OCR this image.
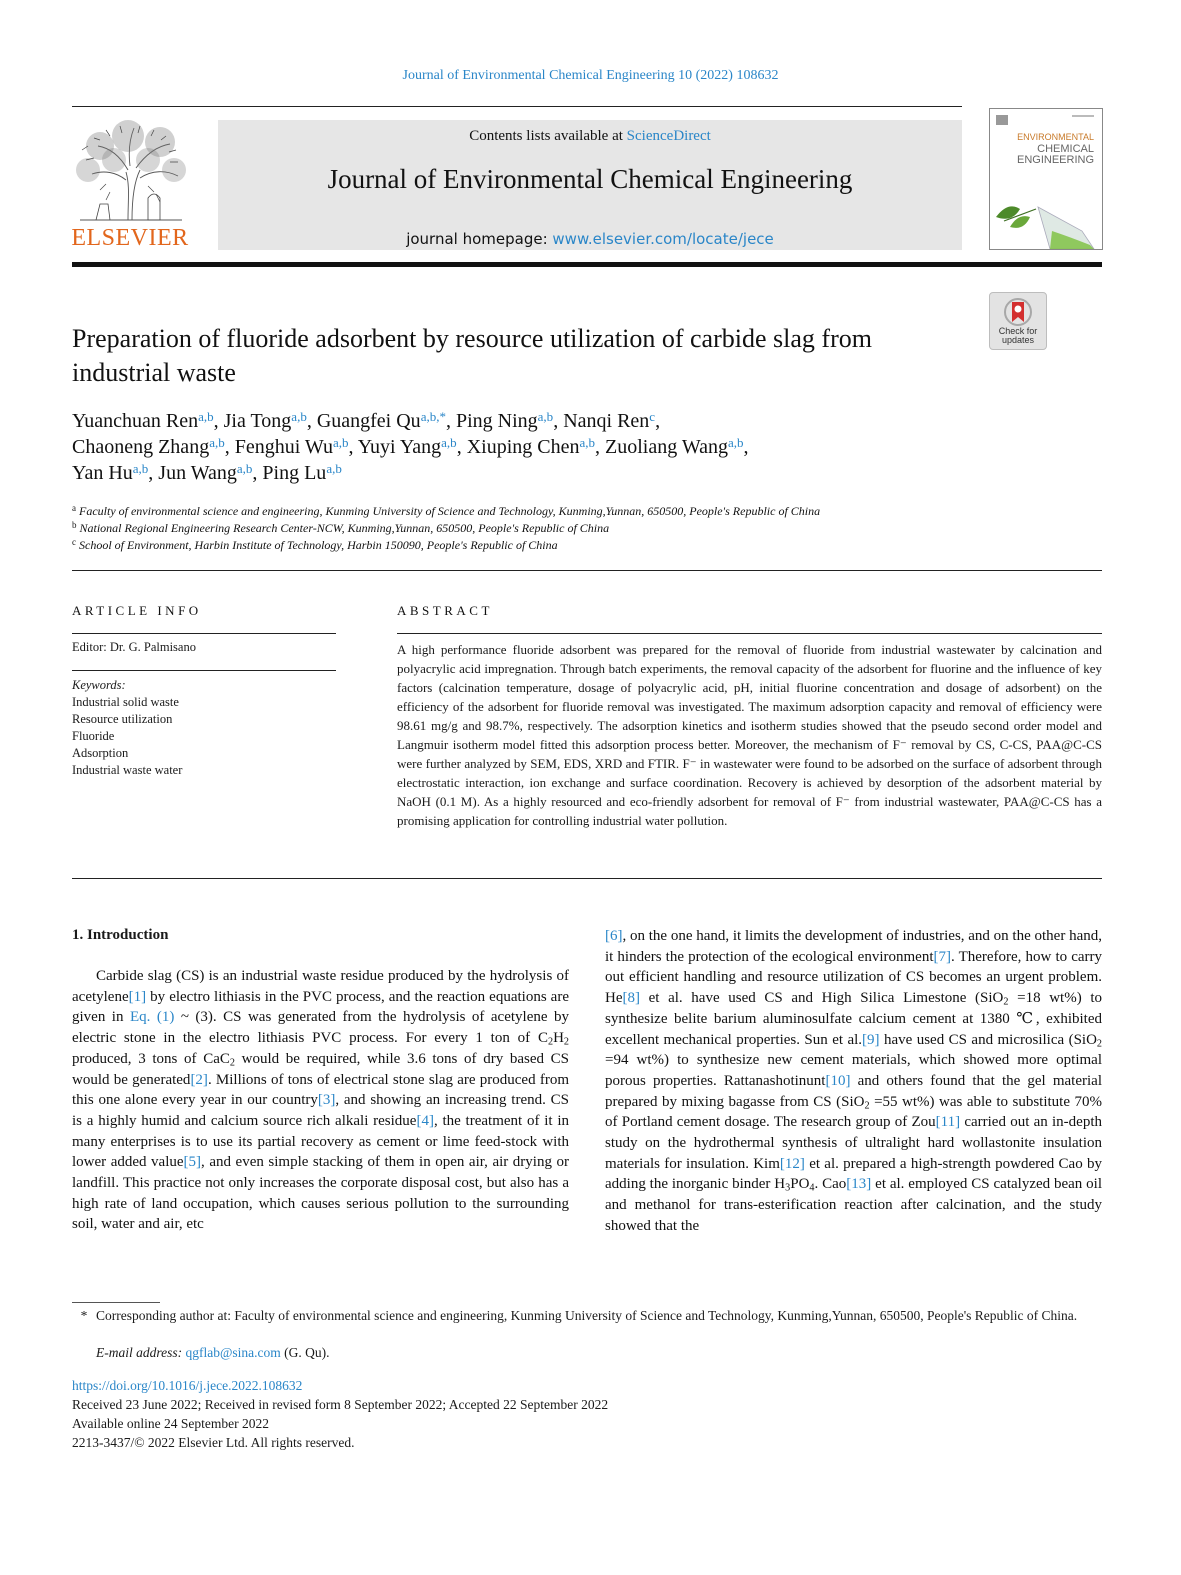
Journal of Environmental Chemical Engineering 10 (2022) 108632
ELSEVIER
Contents lists available at ScienceDirect
Journal of Environmental Chemical Engineering
journal homepage: www.elsevier.com/locate/jece
ENVIRONMENTAL
CHEMICAL
ENGINEERING
Check for updates
Preparation of fluoride adsorbent by resource utilization of carbide slag from industrial waste
Yuanchuan Ren$^{a,b}$, Jia Tong$^{a,b}$, Guangfei $Qu^{a,b,*}$, Ping Ning$^{a,b}$, Nanqi Ren$^c$,
Chaoneng Zhang$^{a,b}$, Fenghui Wu$^{a,b}$, Yuyi Yang$^{a,b}$, Xiuping Chen$^{a,b}$, Zuoliang Wang$^{a,b}$,
Yan Hu$^{a,b}$, Jun Wang$^{a,b}$, Ping Lu$^{a,b}$
$^a$ Faculty of environmental science and engineering, Kunming University of Science and Technology, Kunming,Yunnan, 650500, People's Republic of China
$^b$ National Regional Engineering Research Center-NCW, Kunming,Yunnan, 650500, People's Republic of China
$^c$ School of Environment, Harbin Institute of Technology, Harbin 150090, People's Republic of China
ARTICLE INFO
Editor: Dr. G. Palmisano
Keywords:
Industrial solid waste
Resource utilization
Fluoride
Adsorption
Industrial waste water
ABSTRACT
A high performance fluoride adsorbent was prepared for the removal of fluoride from industrial wastewater by calcination and polyacrylic acid impregnation. Through batch experiments, the removal capacity of the adsorbent for fluorine and the influence of key factors (calcination temperature, dosage of polyacrylic acid, pH, initial fluorine concentration and dosage of adsorbent) on the efficiency of the adsorbent for fluoride removal was investigated. The maximum adsorption capacity and removal of efficiency were 98.61 mg/g and 98.7%, respectively. The adsorption kinetics and isotherm studies showed that the pseudo second order model and Langmuir isotherm model fitted this adsorption process better. Moreover, the mechanism of F⁻ removal by CS, C-CS, PAA@C-CS were further analyzed by SEM, EDS, XRD and FTIR. F⁻ in wastewater were found to be adsorbed on the surface of adsorbent through electrostatic interaction, ion exchange and surface coordination. Recovery is achieved by desorption of the adsorbent material by NaOH (0.1 M). As a highly resourced and eco-friendly adsorbent for removal of F⁻ from industrial wastewater, PAA@C-CS has a promising application for controlling industrial water pollution.
1. Introduction
Carbide slag (CS) is an industrial waste residue produced by the hydrolysis of acetylene[1] by electro lithiasis in the PVC process, and the reaction equations are given in Eq. (1) ~ (3). CS was generated from the hydrolysis of acetylene by electric stone in the electro lithiasis PVC process. For every 1 ton of $C_2H_2$ produced, 3 tons of CaC$_2$ would be required, while 3.6 tons of dry based CS would be generated[2]. Millions of tons of electrical stone slag are produced from this one alone every year in our country[3], and showing an increasing trend. CS is a highly humid and calcium source rich alkali residue[4], the treatment of it in many enterprises is to use its partial recovery as cement or lime feed-stock with lower added value[5], and even simple stacking of them in open air, air drying or landfill. This practice not only increases the corporate disposal cost, but also has a high rate of land occupation, which causes serious pollution to the surrounding soil, water and air, etc
[6], on the one hand, it limits the development of industries, and on the other hand, it hinders the protection of the ecological environment[7]. Therefore, how to carry out efficient handling and resource utilization of CS becomes an urgent problem. He[8] et al. have used CS and High Silica Limestone (SiO$_2$ =18 wt%) to synthesize belite barium aluminosulfate calcium cement at 1380 ℃, exhibited excellent mechanical properties. Sun et al.[9] have used CS and microsilica (SiO$_2$ =94 wt%) to synthesize new cement materials, which showed more optimal porous properties. Rattanashotinunt[10] and others found that the gel material prepared by mixing bagasse from CS (SiO$_2$ =55 wt%) was able to substitute 70% of Portland cement dosage. The research group of Zou[11] carried out an in-depth study on the hydrothermal synthesis of ultralight hard wollastonite insulation materials for insulation. Kim[12] et al. prepared a high-strength powdered Cao by adding the inorganic binder $H_3PO_4$. Cao[13] et al. employed CS catalyzed bean oil and methanol for trans-esterification reaction after calcination, and the study showed that the
* Corresponding author at: Faculty of environmental science and engineering, Kunming University of Science and Technology, Kunming,Yunnan, 650500, People's Republic of China.
E-mail address: qgflab@sina.com (G. Qu).
https://doi.org/10.1016/j.jece.2022.108632
Received 23 June 2022; Received in revised form 8 September 2022; Accepted 22 September 2022
Available online 24 September 2022
2213-3437/© 2022 Elsevier Ltd. All rights reserved.
